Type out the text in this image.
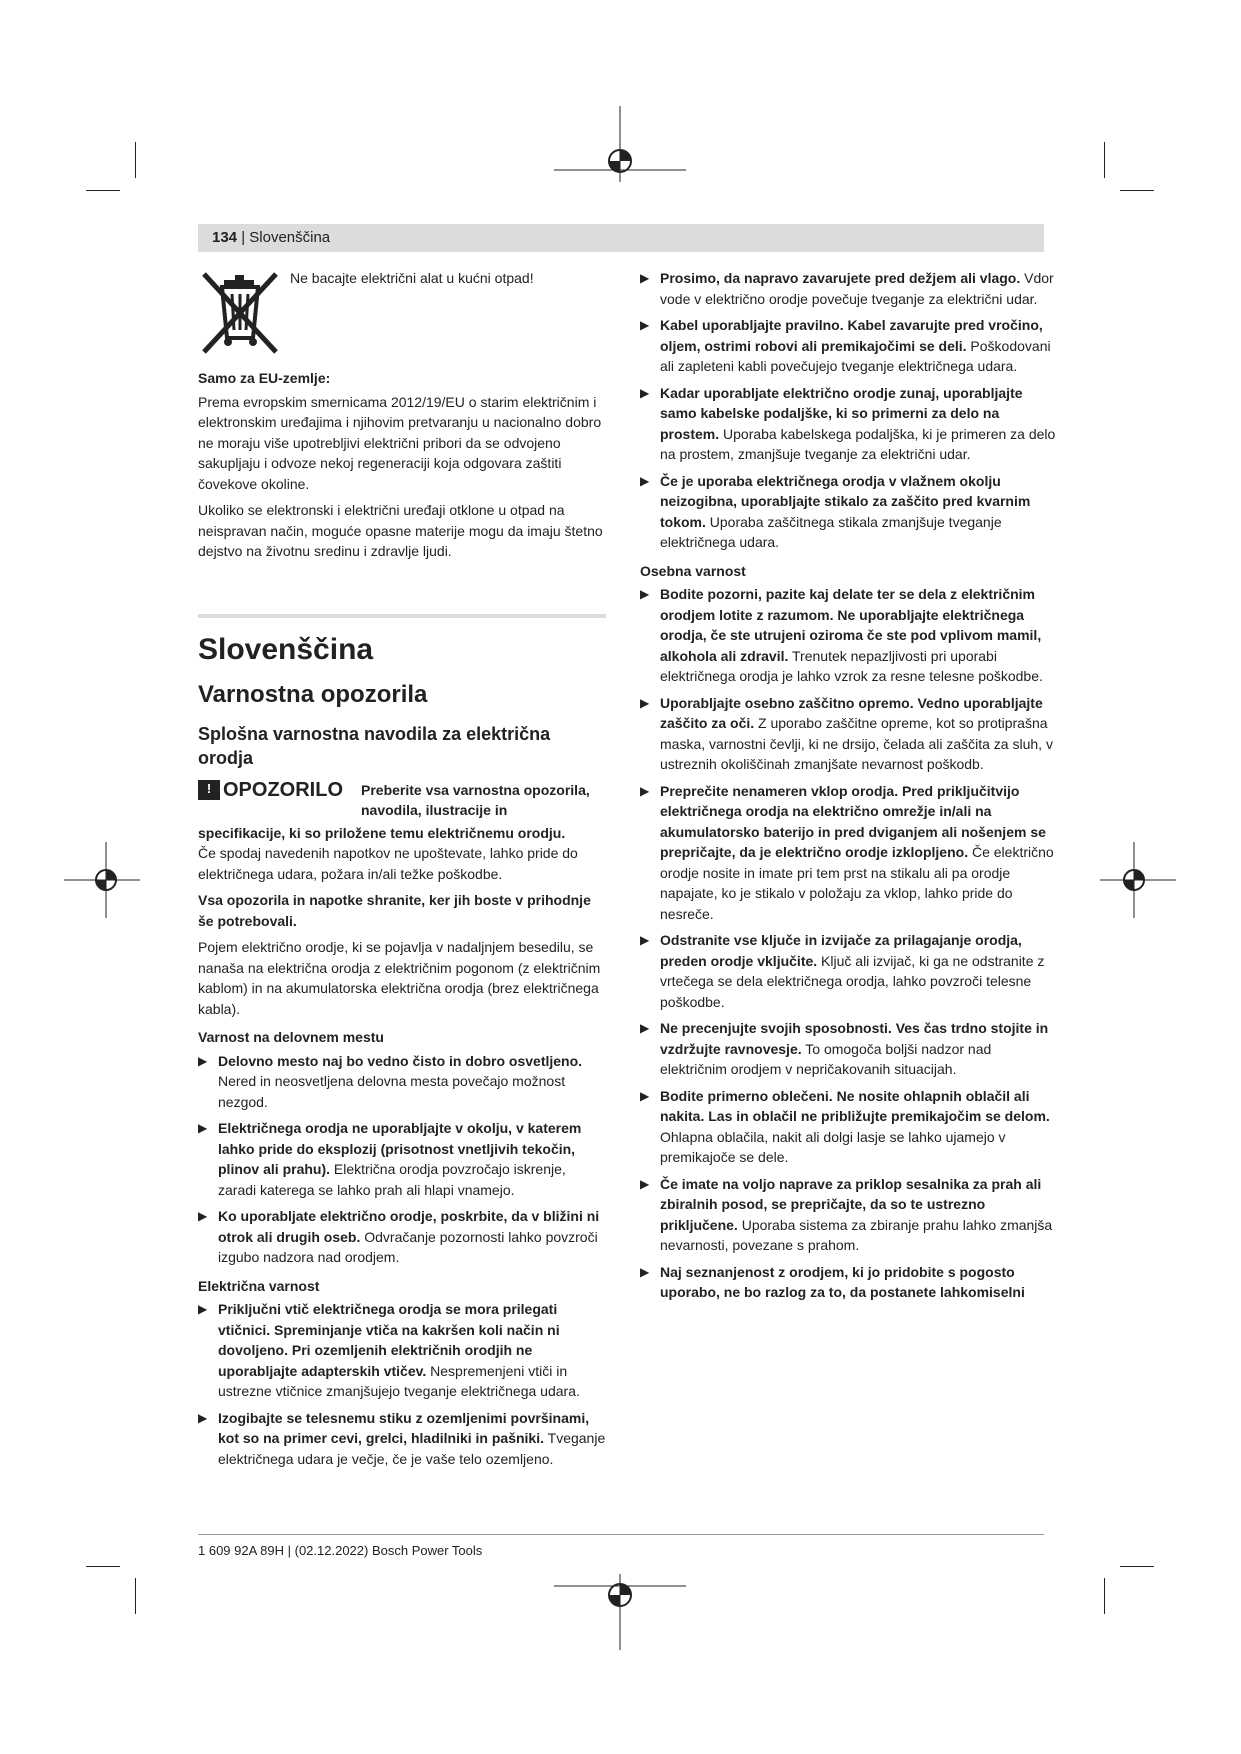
134 | Slovenščina
Ne bacajte električni alat u kućni otpad!
Samo za EU-zemlje:

Prema evropskim smernicama 2012/19/EU o starim električnim i elektronskim uređajima i njihovim pretvaranju u nacionalno dobro ne moraju više upotrebljivi električni pribori da se odvojeno sakupljaju i odvoze nekoj regeneraciji koja odgovara zaštiti čovekove okoline.

Ukoliko se elektronski i električni uređaji otklone u otpad na neispravan način, moguće opasne materije mogu da imaju štetno dejstvo na životnu sredinu i zdravlje ljudi.

Slovenščina
Varnostna opozorila
Splošna varnostna navodila za električna orodja
! OPOZORILO Preberite vsa varnostna opozorila, navodila, ilustracije in
specifikacije, ki so priložene temu električnemu orodju.

Če spodaj navedenih napotkov ne upoštevate, lahko pride do električnega udara, požara in/ali težke poškodbe.

Vsa opozorila in napotke shranite, ker jih boste v prihodnje še potrebovali.

Pojem električno orodje, ki se pojavlja v nadaljnjem besedilu, se nanaša na električna orodja z električnim pogonom (z električnim kablom) in na akumulatorska električna orodja (brez električnega kabla).

Varnost na delovnem mestu
▶ Delovno mesto naj bo vedno čisto in dobro osvetljeno. Nered in neosvetljena delovna mesta povečajo možnost nezgod.
▶ Električnega orodja ne uporabljajte v okolju, v katerem lahko pride do eksplozij (prisotnost vnetljivih tekočin, plinov ali prahu). Električna orodja povzročajo iskrenje, zaradi katerega se lahko prah ali hlapi vnamejo.
▶ Ko uporabljate električno orodje, poskrbite, da v bližini ni otrok ali drugih oseb. Odvračanje pozornosti lahko povzroči izgubo nadzora nad orodjem.
Električna varnost
▶ Priključni vtič električnega orodja se mora prilegati vtičnici. Spreminjanje vtiča na kakršen koli način ni dovoljeno. Pri ozemljenih električnih orodjih ne uporabljajte adapterskih vtičev. Nespremenjeni vtiči in ustrezne vtičnice zmanjšujejo tveganje električnega udara.
▶ Izogibajte se telesnemu stiku z ozemljenimi površinami, kot so na primer cevi, grelci, hladilniki in pašniki. Tveganje električnega udara je večje, če je vaše telo ozemljeno.
▶ Prosimo, da napravo zavarujete pred dežjem ali vlago. Vdor vode v električno orodje povečuje tveganje za električni udar.
▶ Kabel uporabljajte pravilno. Kabel zavarujte pred vročino, oljem, ostrimi robovi ali premikajočimi se deli. Poškodovani ali zapleteni kabli povečujejo tveganje električnega udara.
▶ Kadar uporabljate električno orodje zunaj, uporabljajte samo kabelske podaljške, ki so primerni za delo na prostem. Uporaba kabelskega podaljška, ki je primeren za delo na prostem, zmanjšuje tveganje za električni udar.
▶ Če je uporaba električnega orodja v vlažnem okolju neizogibna, uporabljajte stikalo za zaščito pred kvarnim tokom. Uporaba zaščitnega stikala zmanjšuje tveganje električnega udara.
Osebna varnost
▶ Bodite pozorni, pazite kaj delate ter se dela z električnim orodjem lotite z razumom. Ne uporabljajte električnega orodja, če ste utrujeni oziroma če ste pod vplivom mamil, alkohola ali zdravil. Trenutek nepazljivosti pri uporabi električnega orodja je lahko vzrok za resne telesne poškodbe.
▶ Uporabljajte osebno zaščitno opremo. Vedno uporabljajte zaščito za oči. Z uporabo zaščitne opreme, kot so protiprašna maska, varnostni čevlji, ki ne drsijo, čelada ali zaščita za sluh, v ustreznih okoliščinah zmanjšate nevarnost poškodb.
▶ Preprečite nenameren vklop orodja. Pred priključitvijo električnega orodja na električno omrežje in/ali na akumulatorsko baterijo in pred dviganjem ali nošenjem se prepričajte, da je električno orodje izklopljeno. Če električno orodje nosite in imate pri tem prst na stikalu ali pa orodje napajate, ko je stikalo v položaju za vklop, lahko pride do nesreče.
▶ Odstranite vse ključe in izvijače za prilagajanje orodja, preden orodje vključite. Ključ ali izvijač, ki ga ne odstranite z vrtečega se dela električnega orodja, lahko povzroči telesne poškodbe.
▶ Ne precenjujte svojih sposobnosti. Ves čas trdno stojite in vzdržujte ravnovesje. To omogoča boljši nadzor nad električnim orodjem v nepričakovanih situacijah.
▶ Bodite primerno oblečeni. Ne nosite ohlapnih oblačil ali nakita. Las in oblačil ne približujte premikajočim se delom. Ohlapna oblačila, nakit ali dolgi lasje se lahko ujamejo v premikajoče se dele.
▶ Če imate na voljo naprave za priklop sesalnika za prah ali zbiralnih posod, se prepričajte, da so te ustrezno priključene. Uporaba sistema za zbiranje prahu lahko zmanjša nevarnosti, povezane s prahom.
▶ Naj seznanjenost z orodjem, ki jo pridobite s pogosto uporabo, ne bo razlog za to, da postanete lahkomiselni
1 609 92A 89H | (02.12.2022) Bosch Power Tools
